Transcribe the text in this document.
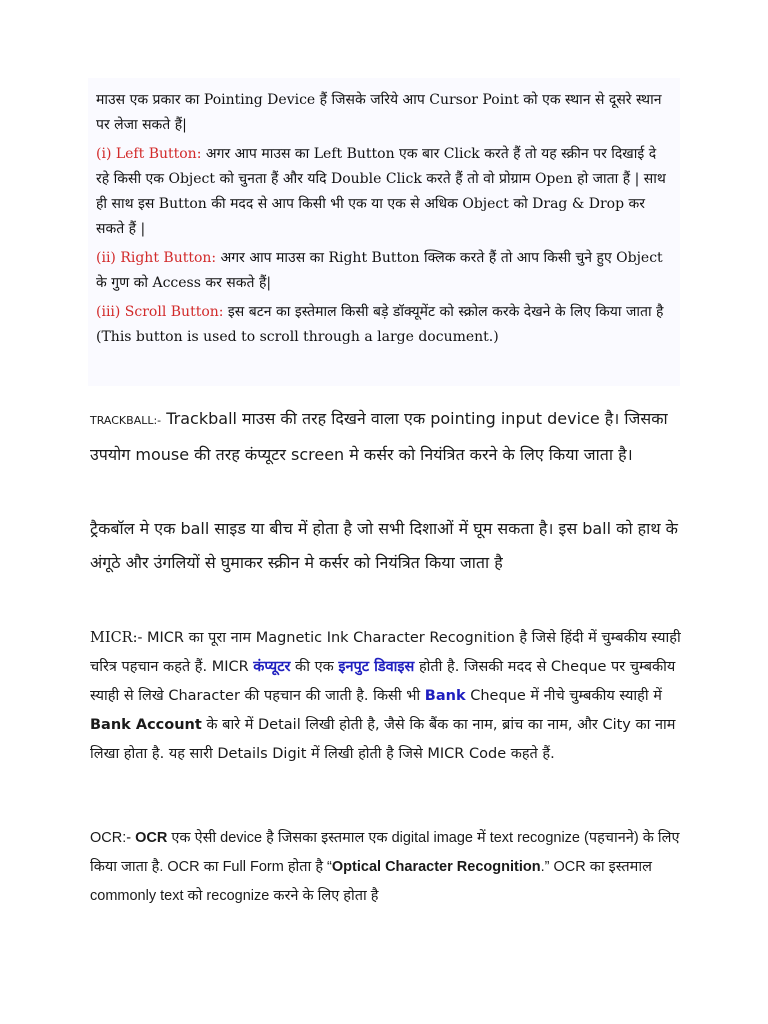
माउस एक प्रकार का Pointing Device हैं जिसके जरिये आप Cursor Point को एक स्थान से दूसरे स्थान पर लेजा सकते हैं|

(i) Left Button: अगर आप माउस का Left Button एक बार Click करते हैं तो यह स्क्रीन पर दिखाई दे रहे किसी एक Object को चुनता हैं और यदि Double Click करते हैं तो वो प्रोग्राम Open हो जाता हैं | साथ ही साथ इस Button की मदद से आप किसी भी एक या एक से अधिक Object को Drag & Drop कर सकते हैं |

(ii) Right Button: अगर आप माउस का Right Button क्लिक करते हैं तो आप किसी चुने हुए Object के गुण को Access कर सकते हैं|

(iii) Scroll Button: इस बटन का इस्तेमाल किसी बड़े डॉक्यूमेंट को स्क्रोल करके देखने के लिए किया जाता है (This button is used to scroll through a large document.)

TRACKBALL:- Trackball माउस की तरह दिखने वाला एक pointing input device है। जिसका उपयोग mouse की तरह कंप्यूटर screen मे कर्सर को नियंत्रित करने के लिए किया जाता है।
ट्रैकबॉल मे एक ball साइड या बीच में होता है जो सभी दिशाओं में घूम सकता है। इस ball को हाथ के अंगूठे और उंगलियों से घुमाकर स्क्रीन मे कर्सर को नियंत्रित किया जाता है
MICR:- MICR का पूरा नाम Magnetic Ink Character Recognition है जिसे हिंदी में चुम्बकीय स्याही चरित्र पहचान कहते हैं. MICR कंप्यूटर की एक इनपुट डिवाइस होती है. जिसकी मदद से Cheque पर चुम्बकीय स्याही से लिखे Character की पहचान की जाती है. किसी भी Bank Cheque में नीचे चुम्बकीय स्याही में Bank Account के बारे में Detail लिखी होती है, जैसे कि बैंक का नाम, ब्रांच का नाम, और City का नाम लिखा होता है. यह सारी Details Digit में लिखी होती है जिसे MICR Code कहते हैं.
OCR:- OCR एक ऐसी device है जिसका इस्तमाल एक digital image में text recognize (पहचानने) के लिए किया जाता है. OCR का Full Form होता है “Optical Character Recognition.” OCR का इस्तमाल commonly text को recognize करने के लिए होता है
